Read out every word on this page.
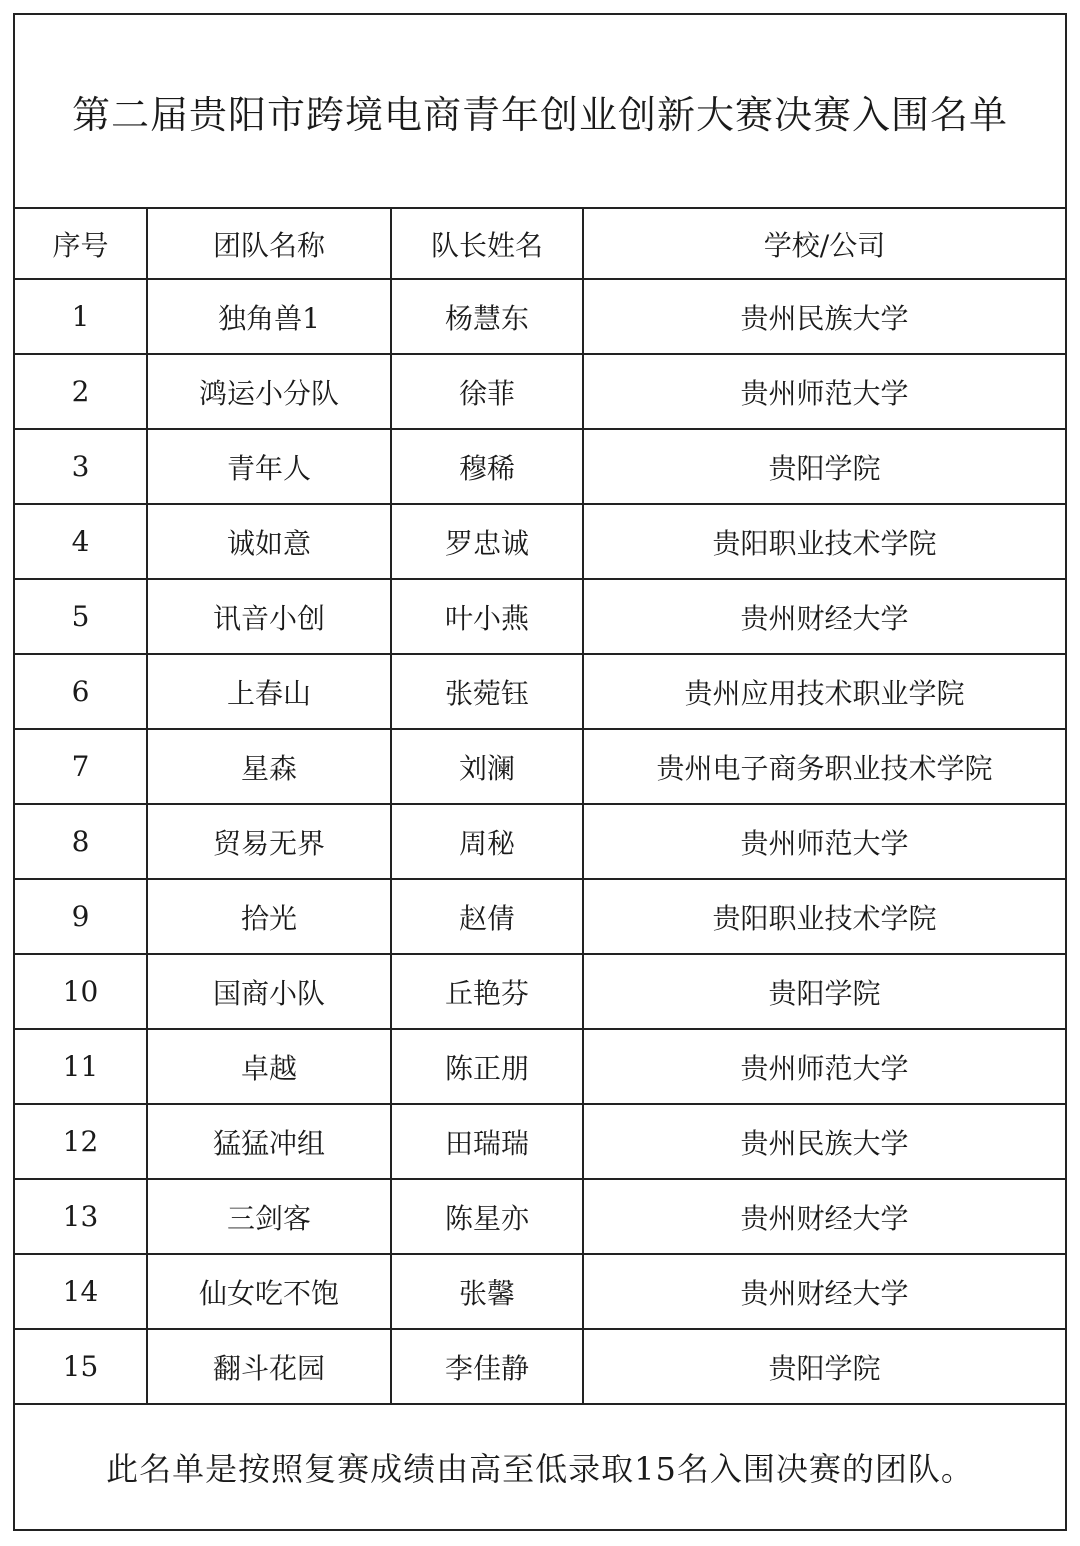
第二届贵阳市跨境电商青年创业创新大赛决赛入围名单
序号	团队名称	队长姓名	学校/公司
1	独角兽1	杨慧东	贵州民族大学
2	鸿运小分队	徐菲	贵州师范大学
3	青年人	穆稀	贵阳学院
4	诚如意	罗忠诚	贵阳职业技术学院
5	讯音小创	叶小燕	贵州财经大学
6	上春山	张菀钰	贵州应用技术职业学院
7	星森	刘澜	贵州电子商务职业技术学院
8	贸易无界	周秘	贵州师范大学
9	拾光	赵倩	贵阳职业技术学院
10	国商小队	丘艳芬	贵阳学院
11	卓越	陈正朋	贵州师范大学
12	猛猛冲组	田瑞瑞	贵州民族大学
13	三剑客	陈星亦	贵州财经大学
14	仙女吃不饱	张馨	贵州财经大学
15	翻斗花园	李佳静	贵阳学院
此名单是按照复赛成绩由高至低录取15名入围决赛的团队。
